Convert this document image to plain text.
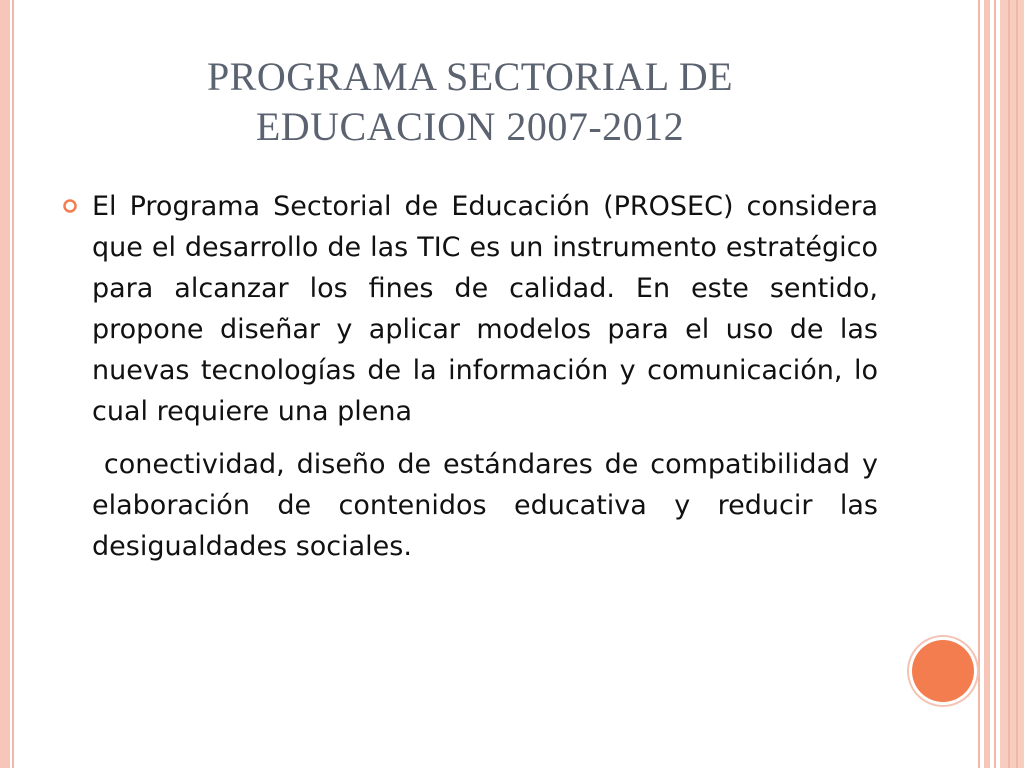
PROGRAMA SECTORIAL DE EDUCACION 2007-2012

El Programa Sectorial de Educación (PROSEC) considera que el desarrollo de las TIC es un instrumento estratégico para alcanzar los fines de calidad. En este sentido, propone diseñar y aplicar modelos para el uso de las nuevas tecnologías de la información y comunicación, lo cual requiere una plena

conectividad, diseño de estándares de compatibilidad y elaboración de contenidos educativa y reducir las desigualdades sociales.
